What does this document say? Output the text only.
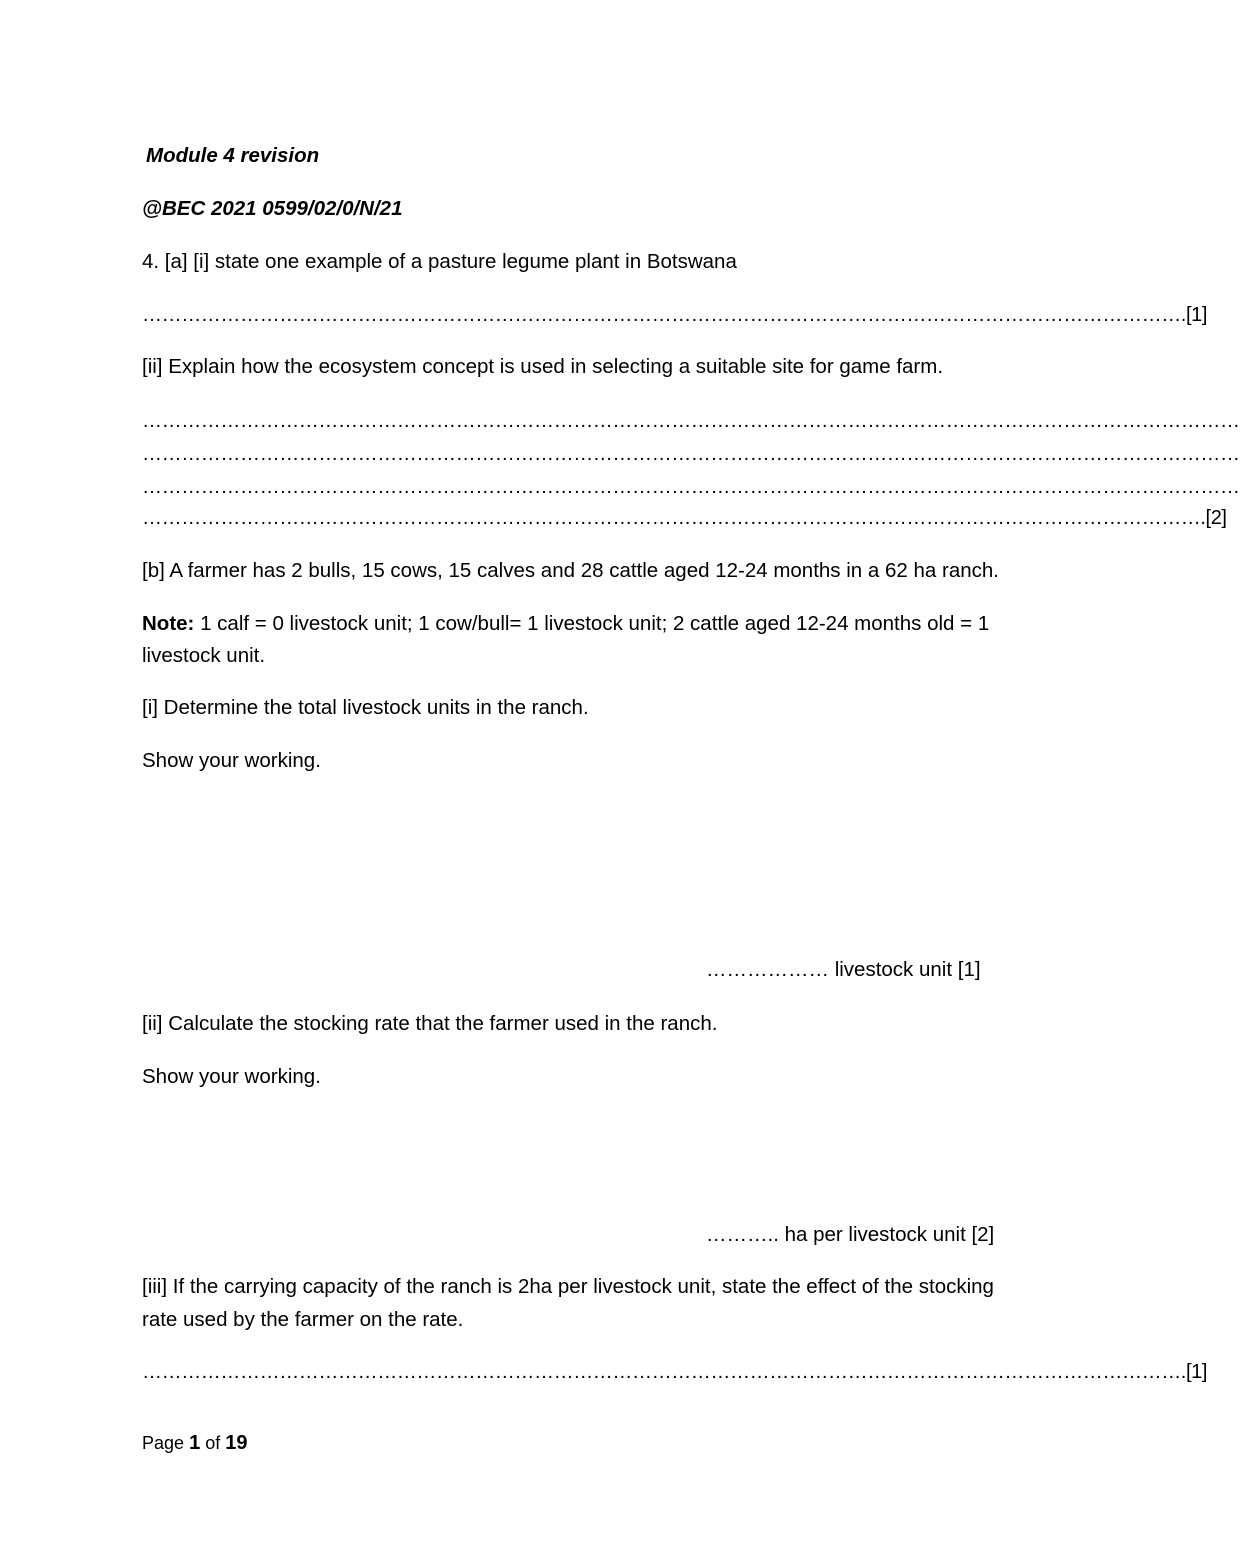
Module 4 revision
@BEC 2021 0599/02/0/N/21
4. [a] [i] state one example of a pasture legume plant in Botswana
…………………………………………………………………………………………………………………………………………….[1]
[ii] Explain how the ecosystem concept is used in selecting a suitable site for game farm.
……………………………………………………………………………………………………………………………………………………
……………………………………………………………………………………………………………………………………………………
……………………………………………………………………………………………………………………………………………………
……………………………………………………………………………………………………………………………………………….[2]
[b] A farmer has 2 bulls, 15 cows, 15 calves and 28 cattle aged 12-24 months in a 62 ha ranch.
Note: 1 calf = 0 livestock unit; 1 cow/bull= 1 livestock unit; 2 cattle aged 12-24 months old = 1
livestock unit.
[i] Determine the total livestock units in the ranch.
Show your working.
……………… livestock unit [1]
[ii] Calculate the stocking rate that the farmer used in the ranch.
Show your working.
……….. ha per livestock unit [2]
[iii] If the carrying capacity of the ranch is 2ha per livestock unit, state the effect of the stocking
rate used by the farmer on the rate.
…………………………………………………………………………………………………………………………………………….[1]
Page 1 of 19
